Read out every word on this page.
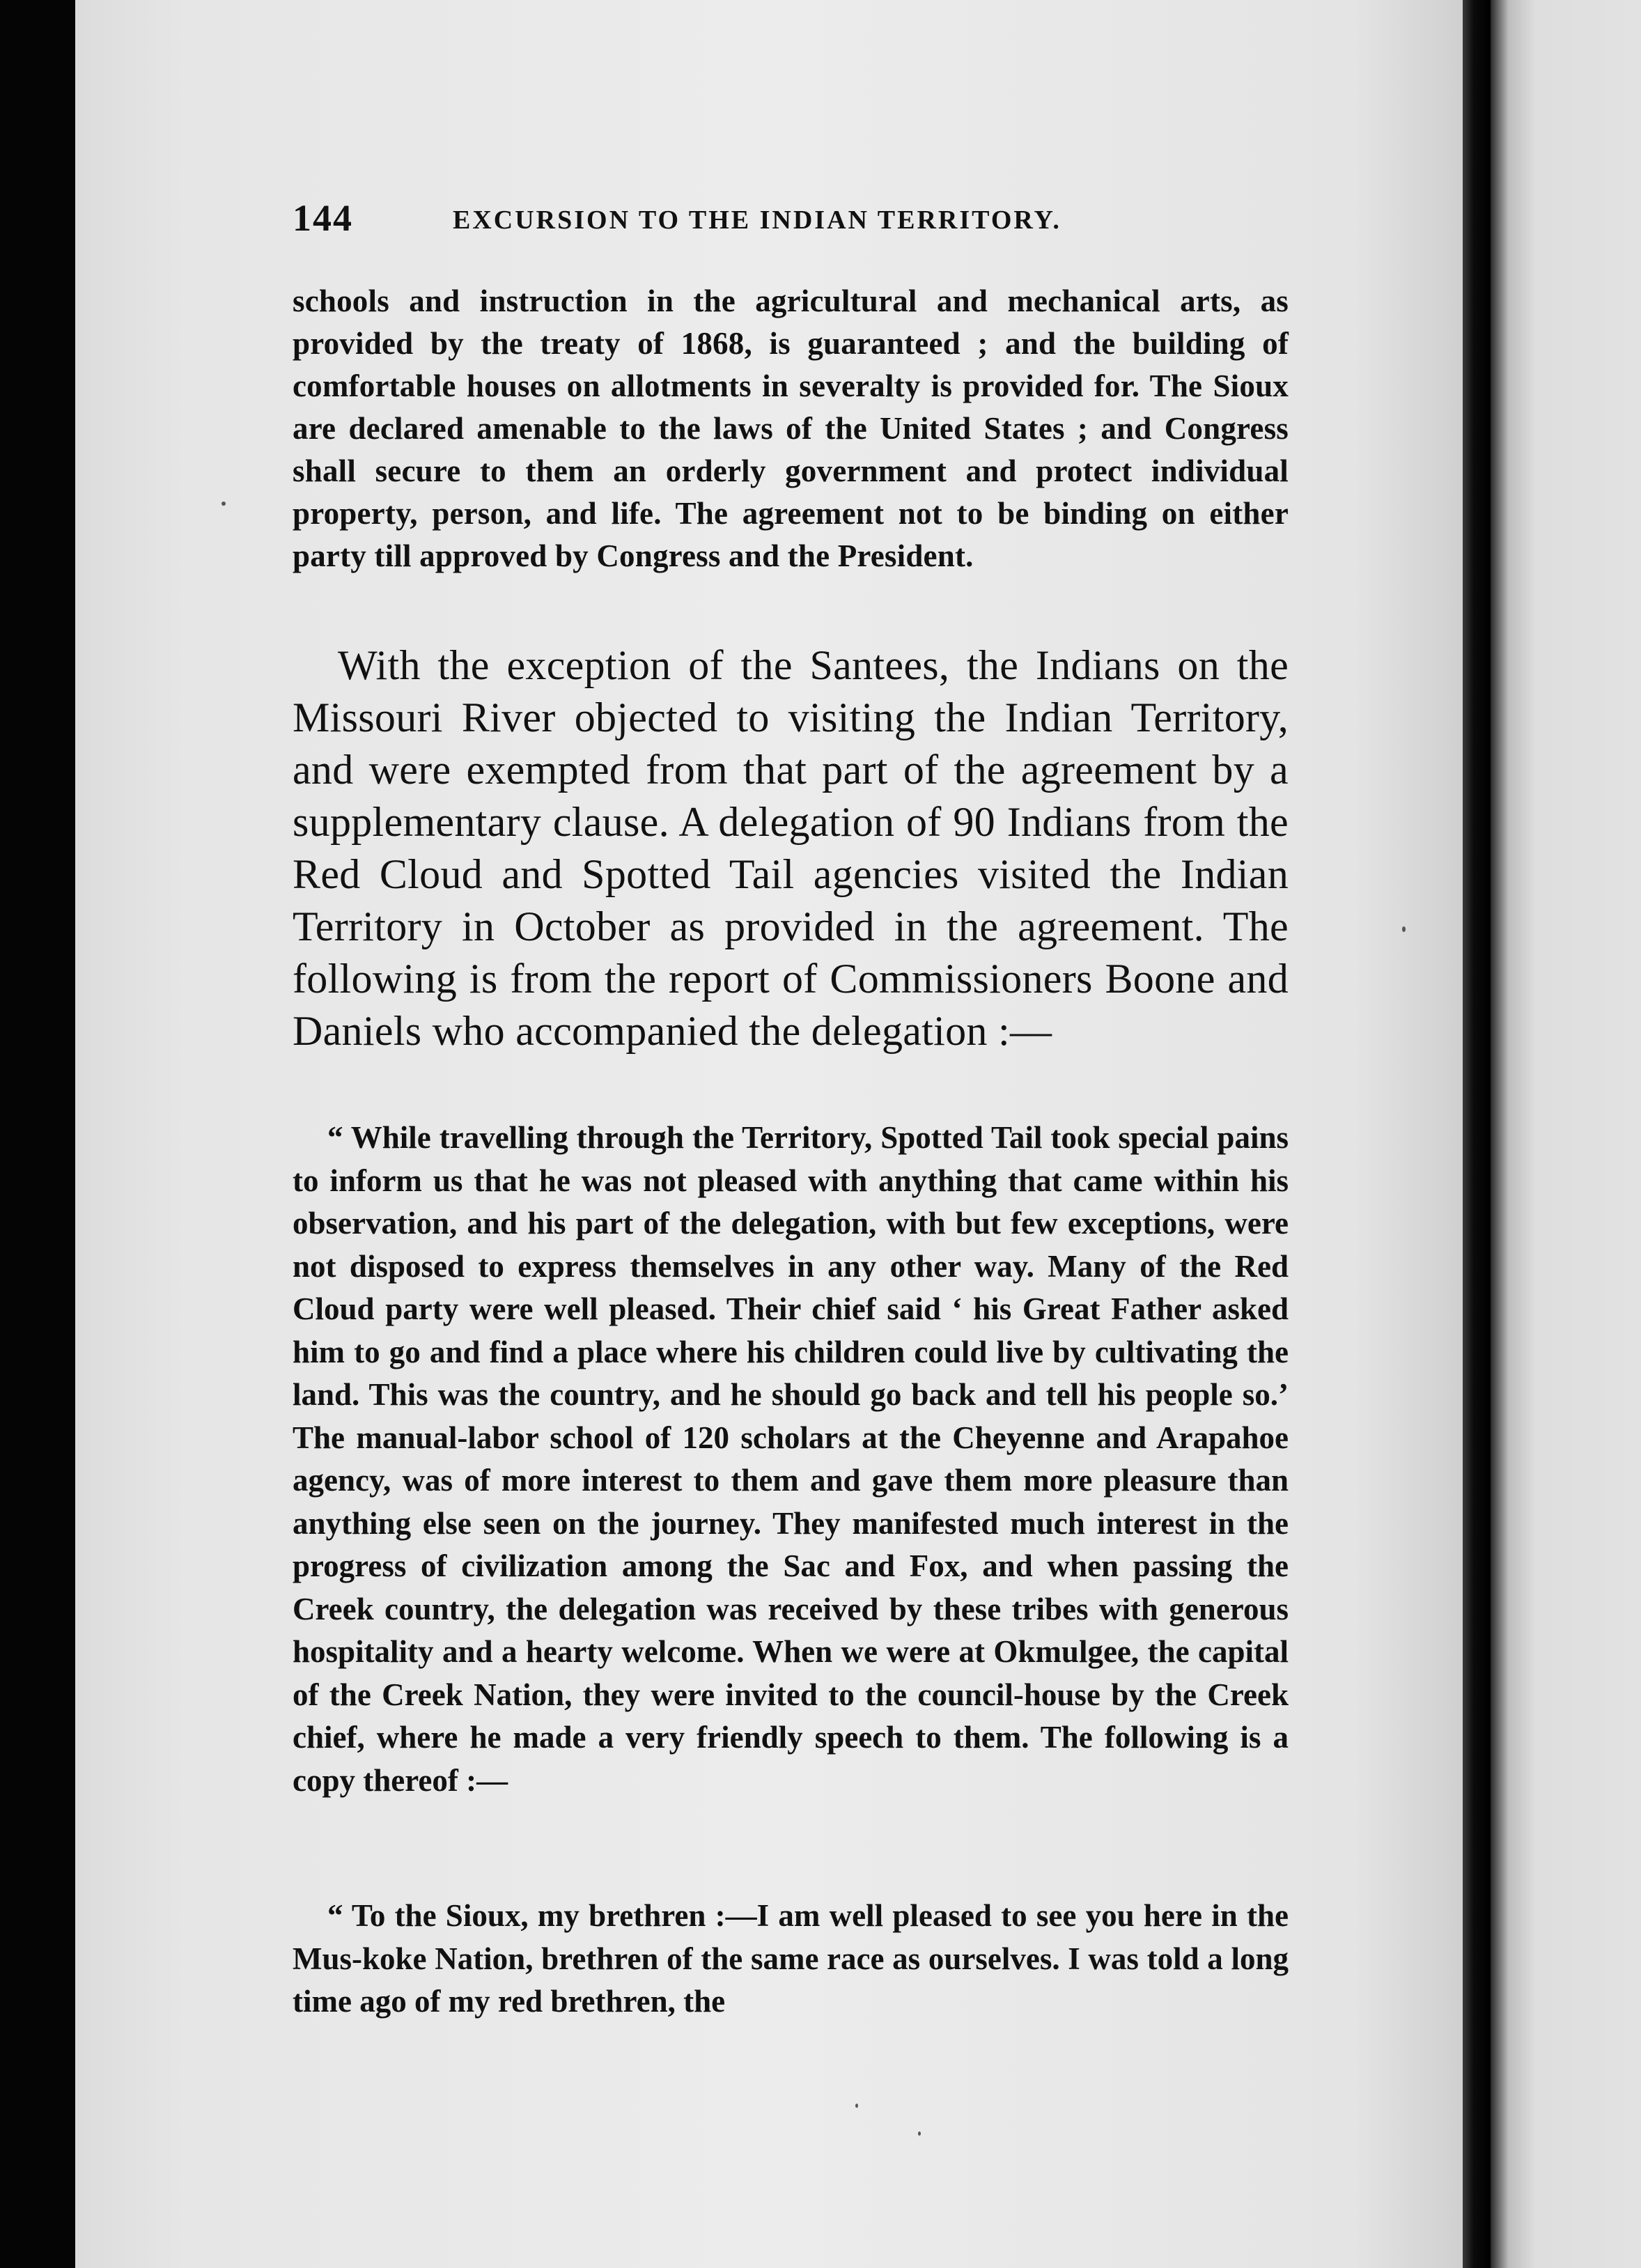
144	EXCURSION TO THE INDIAN TERRITORY.
schools and instruction in the agricultural and mechanical arts, as provided by the treaty of 1868, is guaranteed ; and the building of comfortable houses on allotments in severalty is provided for. The Sioux are declared amenable to the laws of the United States ; and Congress shall secure to them an orderly government and protect individual property, person, and life. The agreement not to be binding on either party till approved by Congress and the President.
With the exception of the Santees, the Indians on the Missouri River objected to visiting the Indian Territory, and were exempted from that part of the agreement by a supplementary clause. A delegation of 90 Indians from the Red Cloud and Spotted Tail agencies visited the Indian Territory in October as provided in the agreement. The following is from the report of Commissioners Boone and Daniels who accompanied the delegation :—
“ While travelling through the Territory, Spotted Tail took special pains to inform us that he was not pleased with anything that came within his observation, and his part of the delegation, with but few exceptions, were not disposed to express themselves in any other way. Many of the Red Cloud party were well pleased. Their chief said ‘ his Great Father asked him to go and find a place where his children could live by cultivating the land. This was the country, and he should go back and tell his people so.’ The manual-labor school of 120 scholars at the Cheyenne and Arapahoe agency, was of more interest to them and gave them more pleasure than anything else seen on the journey. They manifested much interest in the progress of civilization among the Sac and Fox, and when passing the Creek country, the delegation was received by these tribes with generous hospitality and a hearty welcome. When we were at Okmulgee, the capital of the Creek Nation, they were invited to the council-house by the Creek chief, where he made a very friendly speech to them. The following is a copy thereof :—
“ To the Sioux, my brethren :—I am well pleased to see you here in the Mus-koke Nation, brethren of the same race as ourselves. I was told a long time ago of my red brethren, the
